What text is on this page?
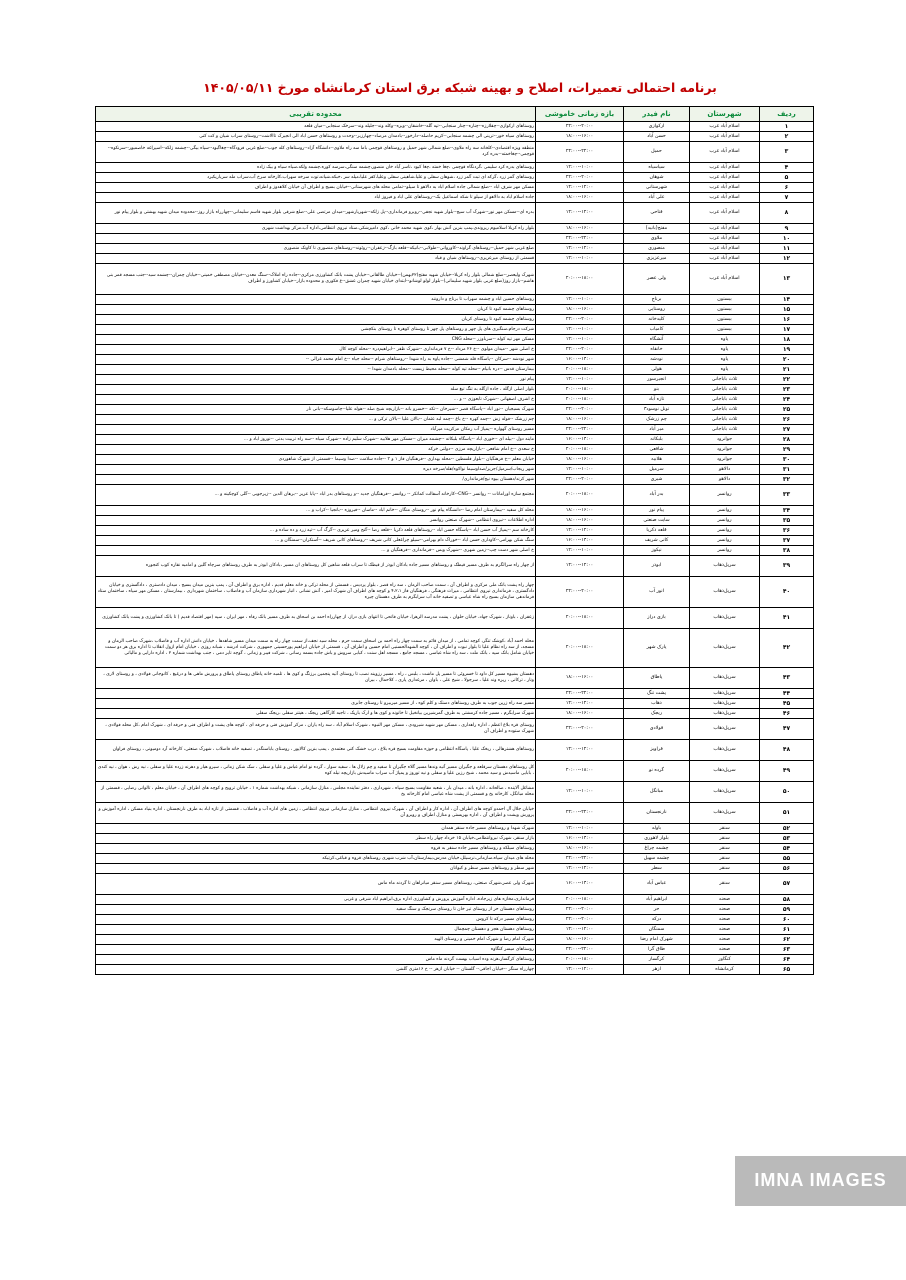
برنامه احتمالی تعمیرات، اصلاح و بهینه شبکه برق استان کرمانشاه مورخ ۱۴۰۵/۰۵/۱۱
ردیف	شهرستان	نام فیدر	بازه زمانی خاموشی	محدوده تقریبی
۱	اسلام آباد غرب	ارکوازی	۲۰:۰۰--۲۲:۰۰	روستاهای ارکوازی--چقلارزه--چناره--چنار سنجابی--تپه گله--خاشقان--ویزه--وکله وند--جلیله وند--سرخک سنجابی--میان قلعه
۲	اسلام آباد غرب	حسن آباد	۱۶:۰۰--۱۸:۰۰	روستاهای سیاه خور--ترینی الی چشمه سنجابی--کریم حاصله--دارخور--بادمدان مرصاد--چهارزبر--وحدت و روستاهای حسن اباد الی انجیرک تاالاشت--روستای سراب شیان و کت کنی
۳	اسلام آباد غرب	حمیل	۲۲:۰۰--۲۴:۰۰	منطقه ویژه اقتصادی--کلخانه سه راه ملاوی--ضلع شمالی شهر حمیل و روستاهای قوچمی باما سه راه ملاوی--دانشگاه آزاد--روستاهای کله جوب--ضلع غربی فرودگاه--چغاگبود--سیاه بیگی--چشمه زلکه--اسپراغه خاصمیور--سرنکوه--قوچمی--چغاخمته--بدره کرد
۴	اسلام آباد غرب	سیاسیاه	۱۰:۰۰--۱۲:۰۰	روستاهای بدره کرد سلیمی ،گردنگاه قوچمی ،چغا خمته ،چغا کبود ،تاسر آباد خان منصور،چشمه سنگی،سرسه کوره،چشمه ولکه،سیاه سیاه و بیک زاده
۵	اسلام آباد غرب	شوهان	۲۰:۰۰--۲۲:۰۰	روستاهای گمر زرد ،گرکه ای تبت گمر زرد ،شوهان سفلی و علیا،شاهینی سفلی وعلیا،کفر علیا،میله سر ،خبکه،شیانه،توت سرخه سهراب،کارخانه سرخ آب،سراب مله سرباریکبرد
۶	اسلام آباد غرب	شهرستانی	۱۲:۰۰--۱۴:۰۰	مسکن مهر شرف اباد --ضلع شمالی جاده اسلام اباد به دالاهو تا سیلو--تمامی محله های شهرستانی--خیابان بسیج و اطراف آن خیابان کلاهدوز و اطراف
۷	اسلام آباد غرب	علی آباد	۱۶:۰۰--۱۸:۰۰	جاده اسلام اباد به دالاهو از سیلو تا شکه اسماعیل بک--روستاهای علی اباد و فیروز اباد
۸	اسلام آباد غرب	فتاحی	۱۲:۰۰--۱۴:۰۰	بدره ای--مسکن مهر نور--شهرک آب سیج--بلوار شهید نجفی--روبرو فرمانداری--پل زلکه--شهریارشهر--میدان مرتضی علی--ضلع شرقی بلوار شهید قاسم سلیمانی--چهارراه بازار روز--محدوده میدان شهید بهشتی و بلوار پیام نور
۹	اسلام آباد غرب	مفتح(بانید)	۱۶:۰۰--۱۸:۰۰	بلوار راه کربلا اسلامیوم ریزوندی،پمپ بنزین آتش بهار ،کوی شهید محمد خانی ،کوی دامپزشکی،ستاد نیروی انتظامی،اداره آب،مرکز بهداشت شهری
۱۰	اسلام آباد غرب	ملاوی	۲۲:۰۰--۲۴:۰۰	
۱۱	اسلام آباد غرب	منصوری	۱۲:۰۰--۱۴:۰۰	ضلع غربی شهر حمیل--روستاهای گراوند--کاورواتی--طولابی--بانیکه--قلعه بازگ--زعفران--روئوند--روستاهای منصوری تا کاونک منصوری
۱۲	اسلام آباد غرب	میرعزیزی	۱۰:۰۰--۱۲:۰۰	قسمتی از روستای میرعزیزی--روستاهای شیان و قباد
۱۳	اسلام آباد غرب	ولی عصر	۱۸:۰۰--۲۰:۰۰	شهرک ولیعصر--ضلع شمالی بلوار راه کربلا--خیابان شهید مفتح(۲۲بهمن)--خیابان طالقانی--خیابان پشت بانک کشاورزی مرکزی--جاده راه املاک--سنگ معدن--خیابان مصطفی خمینی--خیابان چمران--چشمه سید--جنب مسجد قمر بنی هاشم--بازار روز(ضلع غربی بلوار شهید سلیمانی)--بلوار لولو لوشانو--ابتدای خیابان شهید چمران عشق--ع فکوری و محدوده بازار--خیابان کشاورز و اطراف
۱۴	بیستون	برناج	۱۰:۰۰--۱۲:۰۰	روستاهای حسین اباد و چشمه سهراب تا برناج و دارونند
۱۵	بیستون	روستایی	۱۶:۰۰--۱۸:۰۰	روستاهای چشمه کبود تا کریان
۱۶	بیستون	کلیدخانه	۲۰:۰۰--۲۲:۰۰	روستاهای چشمه کبود تا روستای کریان
۱۷	بیستون	کامیاب	۱۰:۰۰--۱۲:۰۰	شرکت درجام،سنگبری های پل چهر و روستاهای پل چهر تا روستای کوهره تا روستای بنکچشی
۱۸	پاوه	آتشگاه	۱۰:۰۰--۱۲:۰۰	مسکن مهر تپه کوله --سرباوزر --محله CNG
۱۹	پاوه	خانقاه	۲۰:۰۰--۲۲:۰۰	خ اصلی شهر --میدان مولوی --خ ۲۶ مرداد --خ ۷ فرمانداری --شهرک ظفر --ابراهیم‌دره --محله کوچه کال
۲۰	پاوه	نودشه	۱۴:۰۰--۱۶:۰۰	شهر نودشه --سرکان --پاسگاه قله شمشی --جاده پاوه به راه شهدا --روستاهای شرام --محله جیاه --خ امام محمد غزالی --
۲۱	پاوه	هولی	۱۸:۰۰--۲۰:۰۰	بیمارستان قدس --دره بانیام --محله تپه کوله --محله محیط زیست --محله بادمدان شهدا --
۲۲	ثلاث باباجانی	انجیرسور	۱۰:۰۰--۱۲:۰۰	پیام نور
۲۳	ثلاث باباجانی	بنو	۱۸:۰۰--۲۰:۰۰	بلوار اصلی ازگله ، جاده ازگله به تنگ تیغ سله
۲۴	ثلاث باباجانی	تازه آباد	۱۸:۰۰--۲۰:۰۰	خ اشرف اصفهانی --شهرک تابعوزی -- و ...
۲۵	ثلاث باباجانی	تونل نوسود۳	۲۰:۰۰--۲۲:۰۰	شهرک بسیجیان --نور اباد --پاسگاه قصر --شیرخان --تکه --خسرو بانه --بازاریچه شیخ صله --هوله علیا--چاسوسکه--بانی نار
۲۶	ثلاث باباجانی	چم زرشک	۱۶:۰۰--۱۸:۰۰	چم زرشک --فوله زش --چمه کهره --خ باغ --چمه لبه عثمان --بالان علیا --بالان ترکی و ...
۲۷	ثلاث باباجانی	میر آباد	۲۲:۰۰--۲۴:۰۰	مسیر روستای گهواره --پمپاژ آب رمکان مرکزیت میرآباد
۲۸	جوانرود	بلبکانه	۱۴:۰۰--۱۶:۰۰	ماینه دول --بیله ای --خوری اباد --پاسگاه بلبکانه --چشمه میران --مسکن مهر هلابیه --شهرک سلیم زاده --شهرک سیاه --سه راه تربیت بدنی --نوروز اباد و ...
۲۹	جوانرود	شافعی	۱۸:۰۰--۲۰:۰۰	خ سعدی --خ امام شافعی --بازاریچه مرزی --دولتی خرکه
۳۰	جوانرود	هلابیه	۱۶:۰۰--۱۸:۰۰	خیابان معلم --خ فرهنگیان --بلوار فلسطین --محله بهداری --فرهنگیان فاز ۱ و ۳ --جاده سلامت --صدا وسیما --قسمتی از شهرک شاهوردی
۳۱	دالاهو	سرمیل	۱۰:۰۰--۱۲:۰۰	شهر ریجاب/سرمیل/جریز/صداوسیما نواکوه/هله/سرخه دیزه
۳۲	دالاهو	شیری	۲۰:۰۰--۲۲:۰۰	شهر کرند/دهستان بیوه نیج/فرمانداری/
۳۳	روانسر	بدر آباد	۱۸:۰۰--۲۰:۰۰	مجتمع سازه اورامانات -- روانسر --CNG--کارخانه آسفالت کماتکر -- روانسر --فرهنگیان جدید --و روستاهای بدر اباد --پابا عزیز --برهان الدین --زیرجوبی --گلی کوچکینه و ...
۳۴	روانسر	پیام نور	۱۶:۰۰--۱۸:۰۰	محله کل سفید --بیمارستان امام رضا --دانشگاه پیام نور --روستای منگان --خانم اباد --ماسان --فیروزه --بانجیا --کراب و ...
۳۵	روانسر	سایت صنعتی	۱۶:۰۰--۱۸:۰۰	اداره اطلاعات --نیروی انتظامی --شهرک صنعتی روانسر
۳۶	روانسر	قلعه ذکریا	۱۲:۰۰--۱۴:۰۰	کارخانه سم --پمپاژ آب حسن اباد --پاسگاه حسن اباد --روستاهای قلعه ذکریا --قلعه رضا --گنج ومیر عزیزی --گرگ آب --تپه زرد و ده ساده و ...
۳۷	روانسر	کانی شریف	۱۴:۰۰--۱۶:۰۰	سنگ شکن بهرامی--کاوداری حسن اباد --خوراک دام بهرامی--سیلو چراغعلی کانی شریف --روستاهای کانی شریف --آستکران--سمنگان و ...
۳۸	روانسر	نیکوز	۱۰:۰۰--۱۲:۰۰	خ اصلی شهر دست چپ--زمین شهری --شهرک وبس --فرمانداری --فرهنگیان و ...
۳۹	سرپل‌ذهاب	ابوذر	۱۲:۰۰--۱۴:۰۰	از چهار راه سرالگرم به طرف مسیر قیطک و روستاهای مسیر جاده بادکان ابوذر از قیطک تا سراب قلعه شاهین کل روستاهای ان مسیر ،بادکان ابوذر به طرف روستاهای سرچاه گلین و امامیه نقاره کوب کنجوره
۴۰	سرپل‌ذهاب	انور آب	۲۰:۰۰--۲۲:۰۰	چهار راه پشت بانک ملی مرکزی و اطراف آن ، سمت صاحب الزمان ، سه راه قصر ، بلوار پردیس ، قسمتی از محله ترکی و خانه معلم قدیم ، اداره برق و اطراف آن ، پمپ بنزین میدان بسیج ، میدان دادستری ، دادگستری و خیابان دادگستری ، فرمانداری نیروی انتظامی ، میراث فرهنگی ، فرهنگیان فاز ۴،۲،۱ و کوچه های اطراف آن شهرک امیر ، آتش نشانی ، انبار شهرداری سازمان آب و فاضلاب ، ساختمان شهرداری ، بیمارستان ، مسکن مهر سپاه ، ساختمان ستاد فرماندهی سازمان بسیج راه شاه عباسی و تصفیه خانه آب سرابگرم به طرف دهستان چیره
۴۱	سرپل‌ذهاب	بازی دراز	۱۸:۰۰--۲۰:۰۰	زعفران ، باوناز ، شهرک جهاد، خیابان حلوان ، پشت مدرسه الزهرا، خیابان فاتحی تا انتهای بازی دراز، از چهارراه احمد بن اسحاق به طرف مسیر بانک رفاه ، مهر ایران ، سپه (مهر اقتصاد قدیم ) تا بانک کشاورزی و پشت بانک کشاورزی
۴۲	سرپل‌ذهاب	پارک شهر	۱۸:۰۰--۲۰:۰۰	محله احمد آباد ،کوشک تنگر، کوچه تمامی ، از میدان قائم به سمت چهار راه احمد بن اسحاق سمت حرم ، محله سید نجف،از سمت چهار راه به سمت میدان مسیر شاهدها ، خیابان دانش اداره آب و فاضلاب ،شهرک صاحب الزمان و مسجد، از سه راه نظام علیا تا بلوار نبوت و اطراف آن ، کوچه الشهدالحسنیی امام حسین و اطراف آن ، قسمتی از خیابان ابراهیم پورحسینی جمهوری ، شرکت ادرشه ، شبانه روزی ، خیابان امام ازول انقلاب تا اداره برق هر دو سمت خیابان شامل بانک سپه ، بانک ملت ، سه راه شاه عباسی ، مسجد جامع ، مسجد اهل سنت ، کبابی سروش و باش جاده بسمه رسانی ، شرکت فیبر و زمانی ، گوچه تایر دمی ، جنب بهداشت شماره ۲ ، اداره دارایی و مالیاتی
۴۳	سرپل‌ذهاب	پاطاق	۱۶:۰۰--۱۸:۰۰	دهستان بشیوه مسیر کل داود تا خسروئی تا مسیر پل ماشت ، بلبس ، راه ، مسیر رزوینه نصب تا روستای آتیه پنجمین برزنگ و کوی ها ، تلمبه خانه پاطاق روستای پاطاق و پرورش ماهی ها و درغیغ ، کانوجانی فولادی ، و روستای لاری ، ونار ، ترکانی ، ریزه وند علیا ، سرجولا ، شیخ علی ، باوان ، مرغداری پاری ، کلاحمال ، بیران
۴۴	سرپل‌ذهاب	پشت تنگ	۲۲:۰۰--۲۴:۰۰	
۴۵	سرپل‌ذهاب	ذهاب	۱۲:۰۰--۱۴:۰۰	مسیر سه راه زرین جوب به طرف روستاهای دستک و کلم کوه ، از مسیر میربیرو تا روستای جابری
۴۶	سرپل‌ذهاب	ریجک	۱۶:۰۰--۱۸:۰۰	شهرک سرابگرم ، مسیر جاده کرمشتی به طرف گمرشیرین بیانخیل تا خانونه و کوی ها و ارک بارپک ، تاجبه کارگاهی ریجک ، هیتنر سفلی ،ریجک سفلی
۴۷	سرپل‌ذهاب	فولادی	۲۰:۰۰--۲۲:۰۰	روستای قره بلاغ اعظم ، اداره راهداری ، مسکن مهر شهید شیرودی ، مسکن مهر النبوه ، شهرک اسلام آباد ، سه راه یاران ، مرکز آموزش فنی و حرفه ای ، کوچه های پشت و اطراف فنی و حرفه ای ، شهرک امام ،کل محله فولادی ، شهرک ستوده و اطراف آن
۴۸	سرپل‌ذهاب	فراویز	۱۲:۰۰--۱۴:۰۰	روستاهای هشترهالی ، ریخک علیا ، پاسگاه انتظامی و حوزه مقاومت بسیج قره بلاغ ، درب خشک کنی معتمدی ، پمپ بنزین کالاپور ، روستای باباسنگدر ، تصفیه خانه فاضلاب ، شهرک صنعتی، کارخانه آرد دومیونی ، روستای فراوان
۴۹	سرپل‌ذهاب	گرده نو	۱۸:۰۰--۲۰:۰۰	کل روستاهای دهستان سرقلعه و جگیران مسیر آتیه وندها مسیر گلاه جگیران تا سفید و چم زلال ها ، سفید سوار ، گرده نو امام عباس و علیا و سفلی ، سک شکن زمانی ، سیرو هیار و دهرنه زرده علیا و سفلی ، نیه رش ، هوان ، نیه کندی ، بابایی ماسیدش و سید محمد ، شیخ رزین علیا و سفلی و نیه توروز و پمپاژ آب سراب ماسیدش بازاریچه نیله کوه
۵۰	سرپل‌ذهاب	مبانگل	۱۰:۰۰--۱۲:۰۰	مشاغل آلاینده ، صالحانه ، اداره بانه ، میدان بار ، شعبه مقاومت بسیج سپاه ، شهرداری ، دفتر نماینده مجلس ، منازل سازمانی ، شبکه بهداشت شماره ۱ ، خیابان ترویج و کوچه های اطراف آن ، خیابان معلم ، تالوانی رضایی ، قسمتی از محله مبانگل، کارخانه یخ و قسمتی از پشت شاه عباسی امام کارخانه یخ
۵۱	سرپل‌ذهاب	نارنجستان	۲۲:۰۰--۲۴:۰۰	خیابان جلال آل احمدو کوچه های اطراف آن ، اداره کار و اطراف آن ، شهرک نیروی انتظامی ، منازل سازمانی نیروی انتظامی ، زمین های اداره آب و فاضلاب ، قسمتی از تازه اباد به طرف نارنجستان ، اداره بنیاد مسکن ، اداره آموزش و پرورش ویشت و اطراف آن ، اداره بهزیستی و منازل اطراف و روبرو آن
۵۲	سنقر	باوله	۱۰:۰۰--۱۲:۰۰	شهرک شهدا و روستاهای مسیر جاده سنقر همدان
۵۳	سنقر	بلوار لاهوری	۱۴:۰۰--۱۶:۰۰	بازار سنقر، شهرک نیروانتظامی،خیابان ۱۵ خرداد چهار راه سطر
۵۴	سنقر	چشمه چراغ	۱۶:۰۰--۱۸:۰۰	روستاهای سیلکه و روستاهای مسیر جاده سنقر به قروه
۵۵	سنقر	چشمه سهیل	۲۲:۰۰--۲۴:۰۰	محله های میدان سپاه،سازمانی،نرسیلل،خیابان مدرس،بیمارستان،آب شرب شهری روستاهای قروه و قباغی،کرتیکه
۵۶	سنقر	سطر	۱۲:۰۰--۱۴:۰۰	شهر سطر و روستاهای مسیر سطر و کیوانان
۵۷	سنقر	عباس آباد	۱۴:۰۰--۱۶:۰۰	شهرک ولی عصر،شهرک صنعتی، روستاهای مسیر سنقر میانراهان تا گردنه ماه ماس
۵۸	صحنه	ابراهیم آباد	۱۸:۰۰--۲۰:۰۰	فرمانداری،مخازه های زیرجاده، اداره آموزش پرورش و کشاورزی اداره برق،ابراهیم اباد شرقی و غربی
۵۹	صحنه	حر	۲۰:۰۰--۲۲:۰۰	روستاهای دهستان حر از روستای تیر خان تا روستای سرنجک و سنگ سفید
۶۰	صحنه	درکه	۲۰:۰۰--۲۲:۰۰	روستاهای مسیر درکه تا کروس
۶۱	صحنه	سمنگان	۱۲:۰۰--۱۴:۰۰	روستاهای دهستان هجر و دهستان چمچمال
۶۲	صحنه	شهرک امام رضا	۱۶:۰۰--۱۸:۰۰	شهرک امام رضا و شهرک امام خمینی و روستای الهیه
۶۳	صحنه	طاق گرا	۲۲:۰۰--۲۴:۰۰	روستاهای میسر کنگاوه
۶۴	کنگاور	کرگسار	۱۸:۰۰--۲۰:۰۰	روستاهای کرگسار،هرنه وده اسیاب بهست گردنه ماه ماس
۶۵	کرمانشاه	ازهر	۱۲:۰۰--۱۴:۰۰	چهارراه سنگر --خیابان اجاقی-- گلستان -- خیابان ازهر -- خ ۱۶متری گلشن
IMNA IMAGES
